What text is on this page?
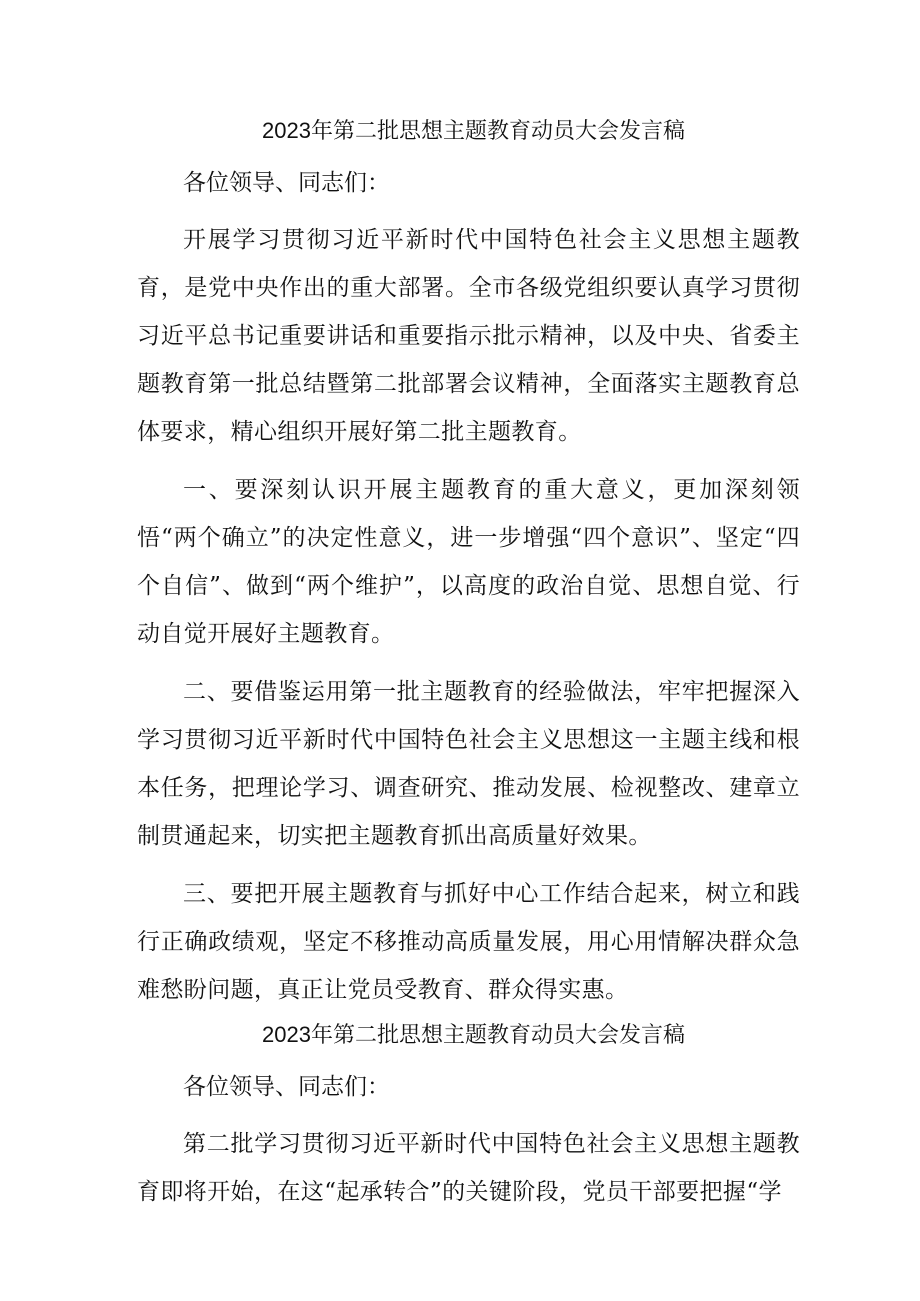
2023年第二批思想主题教育动员大会发言稿

各位领导、同志们：

开展学习贯彻习近平新时代中国特色社会主义思想主题教育，是党中央作出的重大部署。全市各级党组织要认真学习贯彻习近平总书记重要讲话和重要指示批示精神，以及中央、省委主题教育第一批总结暨第二批部署会议精神，全面落实主题教育总体要求，精心组织开展好第二批主题教育。

一、要深刻认识开展主题教育的重大意义，更加深刻领悟“两个确立”的决定性意义，进一步增强“四个意识”、坚定“四个自信”、做到“两个维护”，以高度的政治自觉、思想自觉、行动自觉开展好主题教育。

二、要借鉴运用第一批主题教育的经验做法，牢牢把握深入学习贯彻习近平新时代中国特色社会主义思想这一主题主线和根本任务，把理论学习、调查研究、推动发展、检视整改、建章立制贯通起来，切实把主题教育抓出高质量好效果。

三、要把开展主题教育与抓好中心工作结合起来，树立和践行正确政绩观，坚定不移推动高质量发展，用心用情解决群众急难愁盼问题，真正让党员受教育、群众得实惠。

2023年第二批思想主题教育动员大会发言稿

各位领导、同志们：

第二批学习贯彻习近平新时代中国特色社会主义思想主题教育即将开始，在这“起承转合”的关键阶段，党员干部要把握“学
